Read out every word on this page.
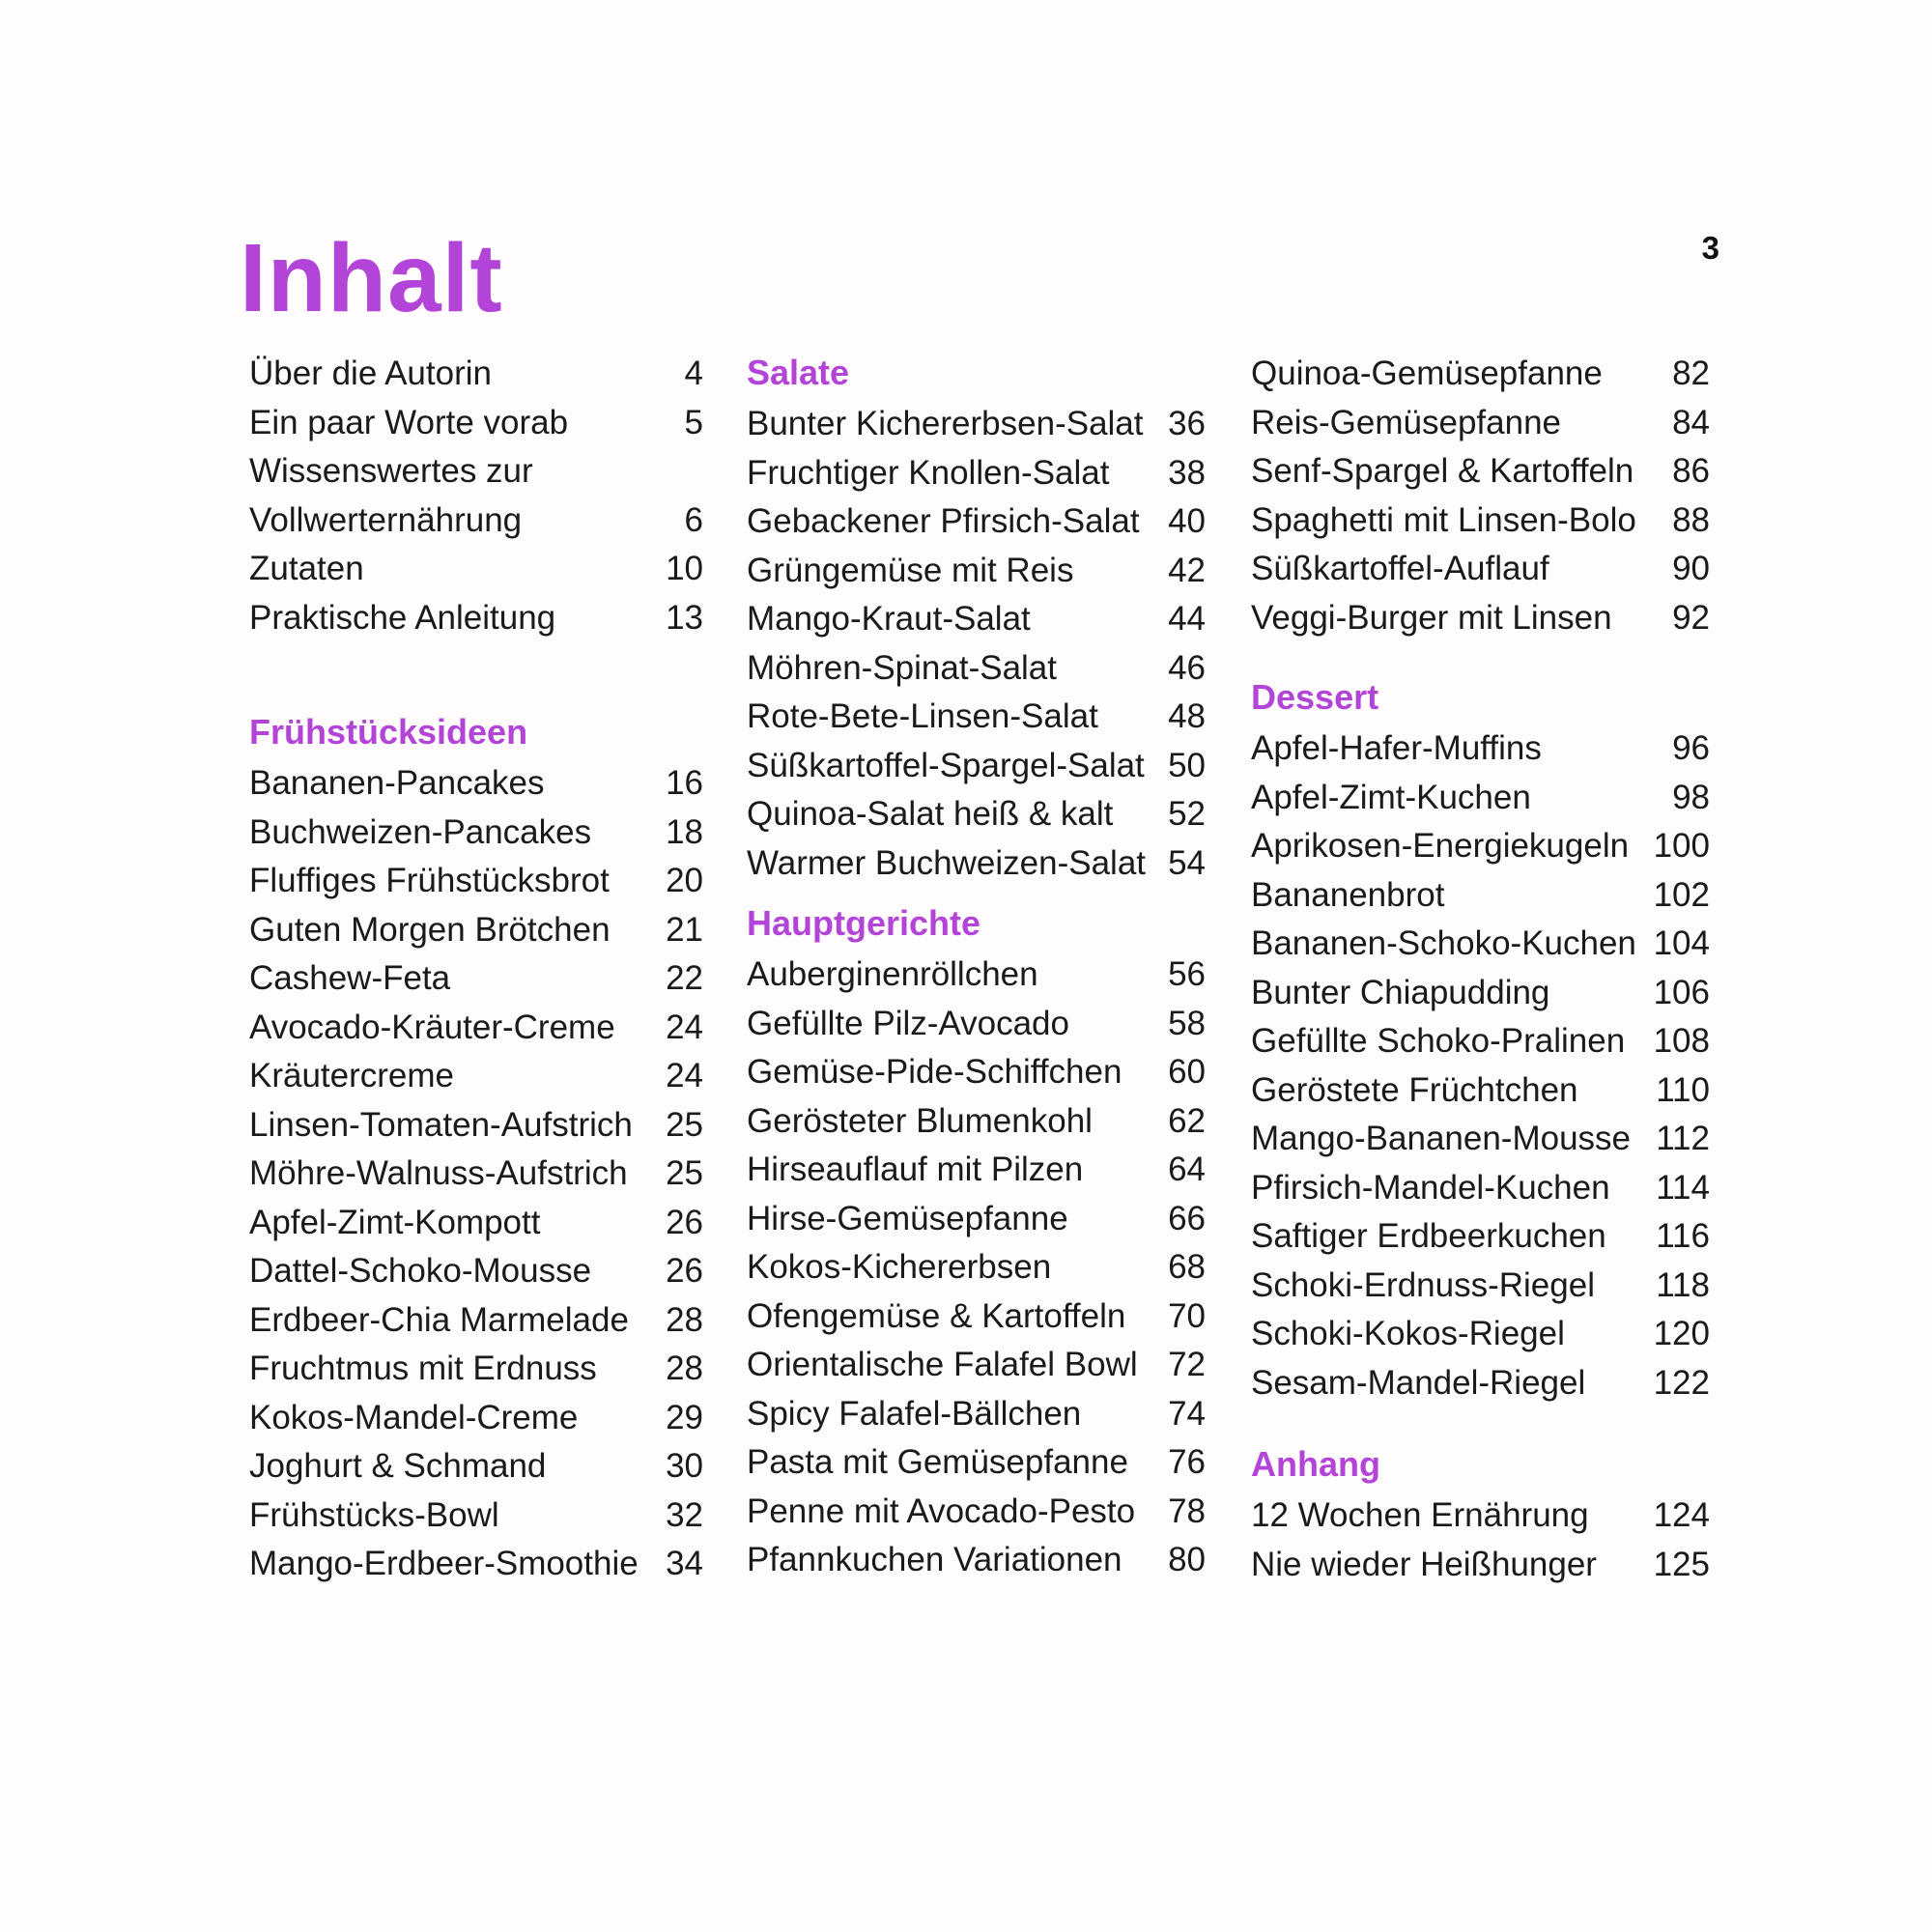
Inhalt	3
Über die Autorin	4
Ein paar Worte vorab	5
Wissenswertes zur
Vollwerternährung	6
Zutaten	10
Praktische Anleitung	13
Frühstücksideen
Bananen-Pancakes	16
Buchweizen-Pancakes	18
Fluffiges Frühstücksbrot	20
Guten Morgen Brötchen	21
Cashew-Feta	22
Avocado-Kräuter-Creme	24
Kräutercreme	24
Linsen-Tomaten-Aufstrich 25
Möhre-Walnuss-Aufstrich	25
Apfel-Zimt-Kompott	26
Dattel-Schoko-Mousse	26
Erdbeer-Chia Marmelade	28
Fruchtmus mit Erdnuss	28
Kokos-Mandel-Creme	29
Joghurt & Schmand	30
Frühstücks-Bowl	32
Mango-Erdbeer-Smoothie 34
Salate
Bunter Kichererbsen-Salat 36
Fruchtiger Knollen-Salat	38
Gebackener Pfirsich-Salat 40
Grüngemüse mit Reis	42
Mango-Kraut-Salat	44
Möhren-Spinat-Salat	46
Rote-Bete-Linsen-Salat	48
Süßkartoffel-Spargel-Salat 50
Quinoa-Salat heiß & kalt	52
Warmer Buchweizen-Salat 54
Hauptgerichte
Auberginenröllchen	56
Gefüllte Pilz-Avocado	58
Gemüse-Pide-Schiffchen	60
Gerösteter Blumenkohl	62
Hirseauflauf mit Pilzen	64
Hirse-Gemüsepfanne	66
Kokos-Kichererbsen	68
Ofengemüse & Kartoffeln	70
Orientalische Falafel Bowl 72
Spicy Falafel-Bällchen	74
Pasta mit Gemüsepfanne	76
Penne mit Avocado-Pesto 78
Pfannkuchen Variationen	80
Quinoa-Gemüsepfanne	82
Reis-Gemüsepfanne	84
Senf-Spargel & Kartoffeln	86
Spaghetti mit Linsen-Bolo	88
Süßkartoffel-Auflauf	90
Veggi-Burger mit Linsen	92
Dessert
Apfel-Hafer-Muffins	96
Apfel-Zimt-Kuchen	98
Aprikosen-Energiekugeln 100
Bananenbrot	102
Bananen-Schoko-Kuchen 104
Bunter Chiapudding	106
Gefüllte Schoko-Pralinen 108
Geröstete Früchtchen	110
Mango-Bananen-Mousse 112
Pfirsich-Mandel-Kuchen	114
Saftiger Erdbeerkuchen	116
Schoki-Erdnuss-Riegel	118
Schoki-Kokos-Riegel	120
Sesam-Mandel-Riegel	122
Anhang
12 Wochen Ernährung	124
Nie wieder Heißhunger	125
